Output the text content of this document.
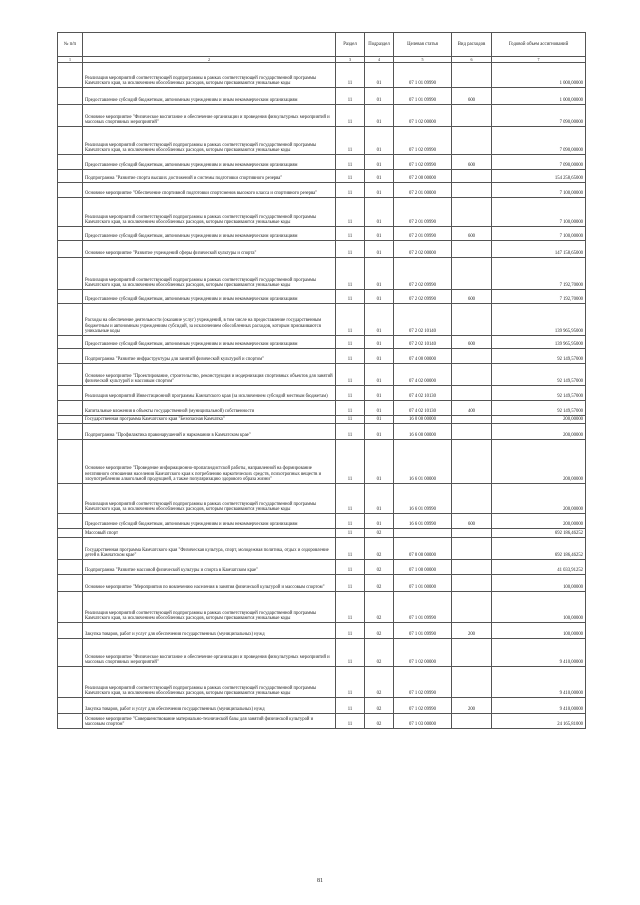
№ п/п		Раздел	Подраздел	Целевая статья	Вид расходов	Годовой объем ассигнований
1	2	3	4	5	6	7
	Реализация мероприятий соответствующей подпрограммы в рамках соответствующей государственной программы Камчатского края, за исключением обособленных расходов, которым присваиваются уникальные коды	11	01	07 1 01 09990		1 000,00000
	Предоставление субсидий бюджетным, автономным учреждениям и иным некоммерческим организациям	11	01	07 1 01 09990	600	1 000,00000
	Основное мероприятие "Физическое воспитание и обеспечение организации и проведения физкультурных мероприятий и массовых спортивных мероприятий"	11	01	07 1 02 00000		7 090,00000
	Реализация мероприятий соответствующей подпрограммы в рамках соответствующей государственной программы Камчатского края, за исключением обособленных расходов, которым присваиваются уникальные коды	11	01	07 1 02 09990		7 090,00000
	Предоставление субсидий бюджетным, автономным учреждениям и иным некоммерческим организациям	11	01	07 1 02 09990	600	7 090,00000
	Подпрограмма "Развитие спорта высших достижений и системы подготовки спортивного резерва"	11	01	07 2 00 00000		154 258,65000
	Основное мероприятие "Обеспечение спортивной подготовки спортсменов высокого класса и спортивного резерва"	11	01	07 2 01 00000		7 100,00000
	Реализация мероприятий соответствующей подпрограммы в рамках соответствующей государственной программы Камчатского края, за исключением обособленных расходов, которым присваиваются уникальные коды	11	01	07 2 01 09990		7 100,00000
	Предоставление субсидий бюджетным, автономным учреждениям и иным некоммерческим организациям	11	01	07 2 01 09990	600	7 100,00000
	Основное мероприятие "Развитие учреждений сферы физической культуры и спорта"	11	01	07 2 02 00000		147 158,65000
	Реализация мероприятий соответствующей подпрограммы в рамках соответствующей государственной программы Камчатского края, за исключением обособленных расходов, которым присваиваются уникальные коды	11	01	07 2 02 09990		7 192,70000
	Предоставление субсидий бюджетным, автономным учреждениям и иным некоммерческим организациям	11	01	07 2 02 09990	600	7 192,70000
	Расходы на обеспечение деятельности (оказание услуг) учреждений, в том числе на предоставление государственным бюджетным и автономным учреждениям субсидий, за исключением обособленных расходов, которым присваиваются уникальные коды	11	01	07 2 02 10140		139 965,95000
	Предоставление субсидий бюджетным, автономным учреждениям и иным некоммерческим организациям	11	01	07 2 02 10140	600	139 965,95000
	Подпрограмма "Развитие инфраструктуры для занятий физической культурой и спортом"	11	01	07 4 00 00000		92 149,57000
	Основное мероприятие "Проектирование, строительство, реконструкция и модернизация спортивных объектов для занятий физической культурой и массовым спортом"	11	01	07 4 02 00000		92 149,57000
	Реализация мероприятий Инвестиционной программы Камчатского края (за исключением субсидий местным бюджетам)	11	01	07 4 02 10130		92 149,57000
	Капитальные вложения в объекты государственной (муниципальной) собственности	11	01	07 4 02 10130	400	92 149,57000
	Государственная программа Камчатского края "Безопасная Камчатка"	11	01	16 0 00 00000		200,00000
	Подпрограмма "Профилактика правонарушений и наркомании в Камчатском крае"	11	01	16 6 00 00000		200,00000
	Основное мероприятие "Проведение информационно-пропагандистской работы, направленной на формирование негативного отношения населения Камчатского края к потреблению наркотических средств, психотропных веществ и злоупотреблению алкогольной продукцией, а также популяризацию здорового образа жизни"	11	01	16 6 01 00000		200,00000
	Реализация мероприятий соответствующей подпрограммы в рамках соответствующей государственной программы Камчатского края, за исключением обособленных расходов, которым присваиваются уникальные коды	11	01	16 6 01 09990		200,00000
	Предоставление субсидий бюджетным, автономным учреждениям и иным некоммерческим организациям	11	01	16 6 01 09990	600	200,00000
	Массовый спорт	11	02			692 186,46252
	Государственная программа Камчатского края "Физическая культура, спорт, молодежная политика, отдых и оздоровление детей в Камчатском крае"	11	02	07 0 00 00000		692 186,46252
	Подпрограмма "Развитие массовой физической культуры и спорта в Камчатском крае"	11	02	07 1 00 00000		41 033,91252
	Основное мероприятие "Мероприятия по вовлечению населения в занятия физической культурой и массовым спортом"	11	02	07 1 01 00000		100,00000
	Реализация мероприятий соответствующей подпрограммы в рамках соответствующей государственной программы Камчатского края, за исключением обособленных расходов, которым присваиваются уникальные коды	11	02	07 1 01 09990		100,00000
	Закупка товаров, работ и услуг для обеспечения государственных (муниципальных) нужд	11	02	07 1 01 09990	200	100,00000
	Основное мероприятие "Физическое воспитание и обеспечение организации и проведения физкультурных мероприятий и массовых спортивных мероприятий"	11	02	07 1 02 00000		9 410,00000
	Реализация мероприятий соответствующей подпрограммы в рамках соответствующей государственной программы Камчатского края, за исключением обособленных расходов, которым присваиваются уникальные коды	11	02	07 1 02 09990		9 410,00000
	Закупка товаров, работ и услуг для обеспечения государственных (муниципальных) нужд	11	02	07 1 02 09990	200	9 410,00000
	Основное мероприятие "Совершенствование материально-технической базы для занятий физической культурой и массовым спортом"	11	02	07 1 03 00000		24 165,81000
81
